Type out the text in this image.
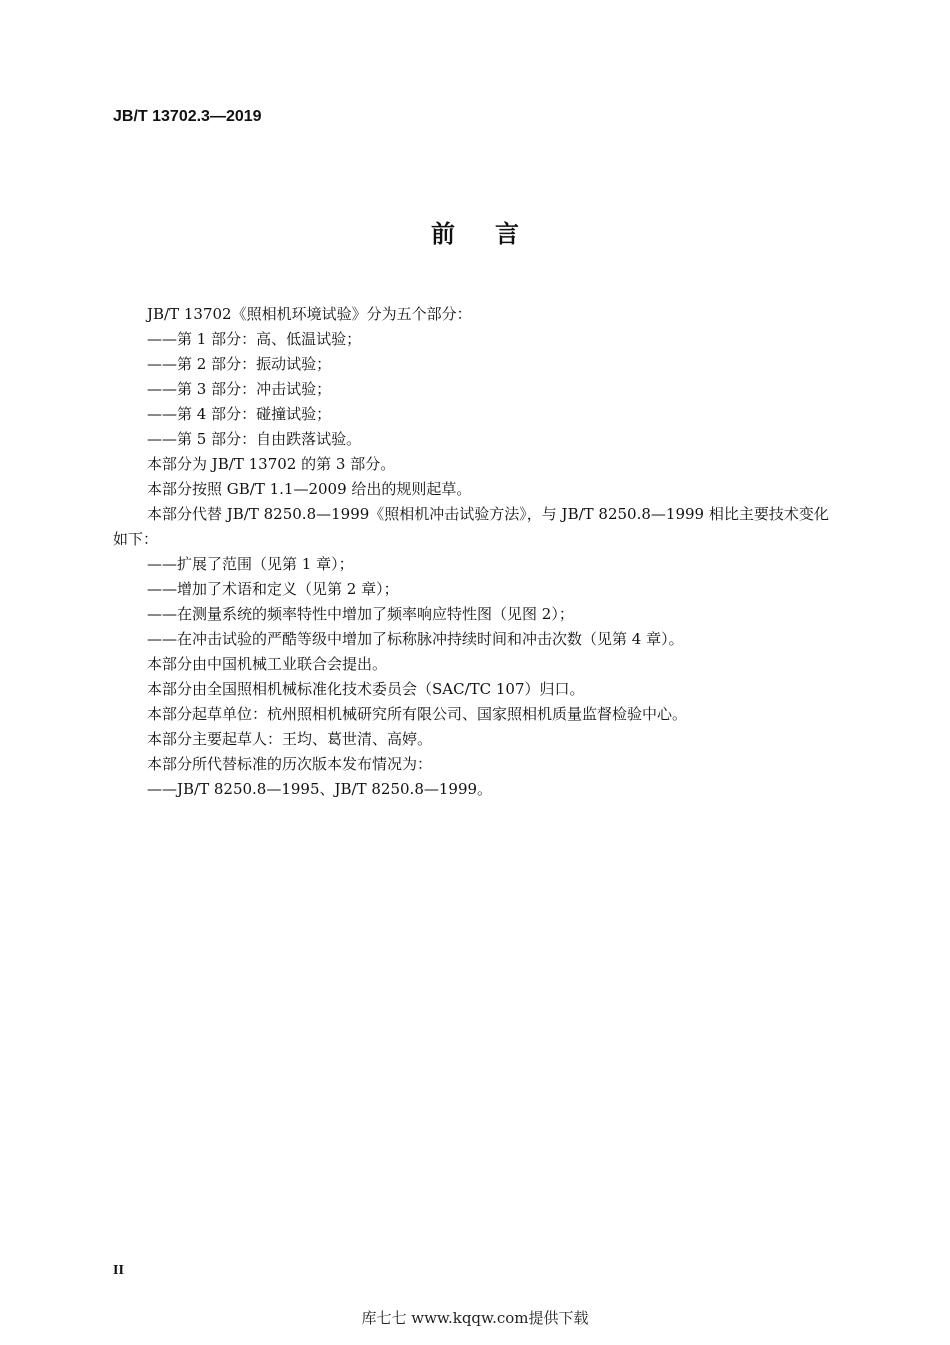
JB/T 13702.3—2019
前言
JB/T 13702《照相机环境试验》分为五个部分：
——第 1 部分：高、低温试验；
——第 2 部分：振动试验；
——第 3 部分：冲击试验；
——第 4 部分：碰撞试验；
——第 5 部分：自由跌落试验。
本部分为 JB/T 13702 的第 3 部分。
本部分按照 GB/T 1.1—2009 给出的规则起草。
本部分代替 JB/T 8250.8—1999《照相机冲击试验方法》，与 JB/T 8250.8—1999 相比主要技术变化
如下：
——扩展了范围（见第 1 章）；
——增加了术语和定义（见第 2 章）；
——在测量系统的频率特性中增加了频率响应特性图（见图 2）；
——在冲击试验的严酷等级中增加了标称脉冲持续时间和冲击次数（见第 4 章）。
本部分由中国机械工业联合会提出。
本部分由全国照相机械标准化技术委员会（SAC/TC 107）归口。
本部分起草单位：杭州照相机械研究所有限公司、国家照相机质量监督检验中心。
本部分主要起草人：王均、葛世清、高婷。
本部分所代替标准的历次版本发布情况为：
——JB/T 8250.8—1995、JB/T 8250.8—1999。
II
库七七 www.kqqw.com提供下载
